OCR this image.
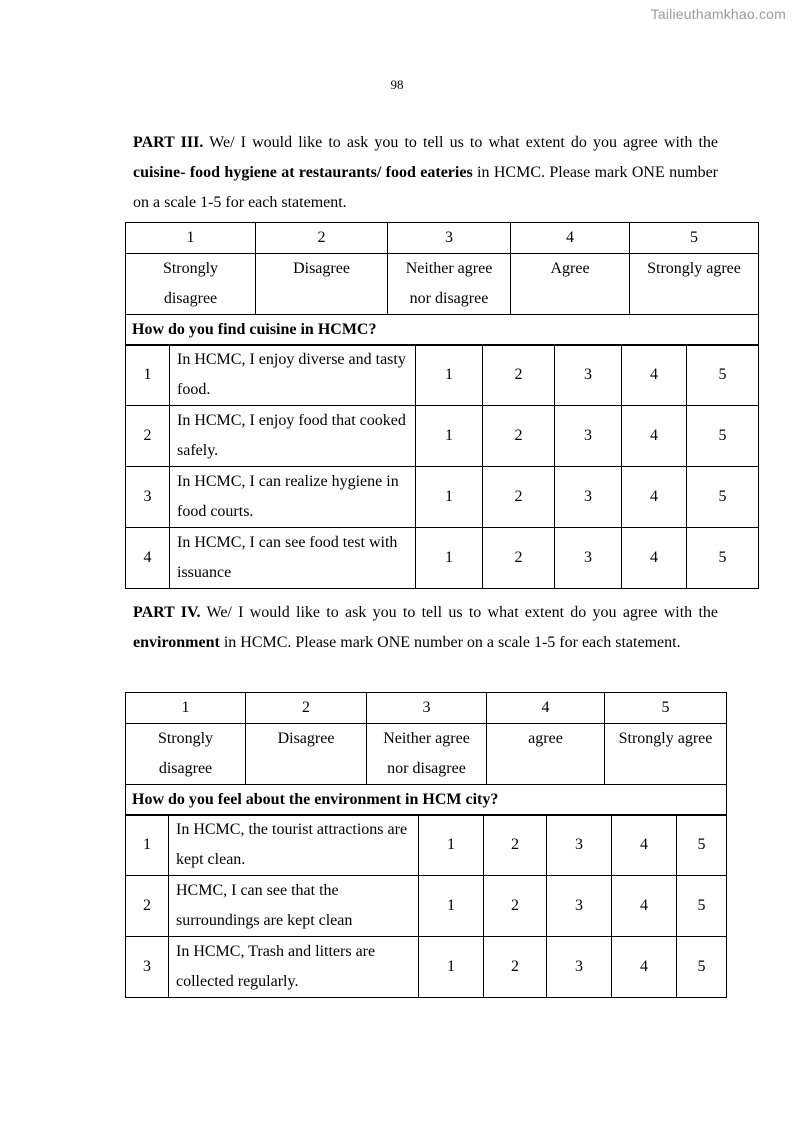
Tailieuthamkhao.com
98

PART III. We/ I would like to ask you to tell us to what extent do you agree with the cuisine- food hygiene at restaurants/ food eateries in HCMC. Please mark ONE number on a scale 1-5 for each statement.

1	2	3	4	5
Strongly disagree	Disagree	Neither agree nor disagree	Agree	Strongly agree
How do you find cuisine in HCMC?				
1	In HCMC, I enjoy diverse and tasty food.	1	2	3	4	5
2	In HCMC, I enjoy food that cooked safely.	1	2	3	4	5
3	In HCMC, I can realize hygiene in food courts.	1	2	3	4	5
4	In HCMC, I can see food test with issuance	1	2	3	4	5

PART IV. We/ I would like to ask you to tell us to what extent do you agree with the environment in HCMC. Please mark ONE number on a scale 1-5 for each statement.

1	2	3	4	5
Strongly disagree	Disagree	Neither agree nor disagree	agree	Strongly agree
How do you feel about the environment in HCM city?				
1	In HCMC, the tourist attractions are kept clean.	1	2	3	4	5
2	HCMC, I can see that the surroundings are kept clean	1	2	3	4	5
3	In HCMC, Trash and litters are collected regularly.	1	2	3	4	5
